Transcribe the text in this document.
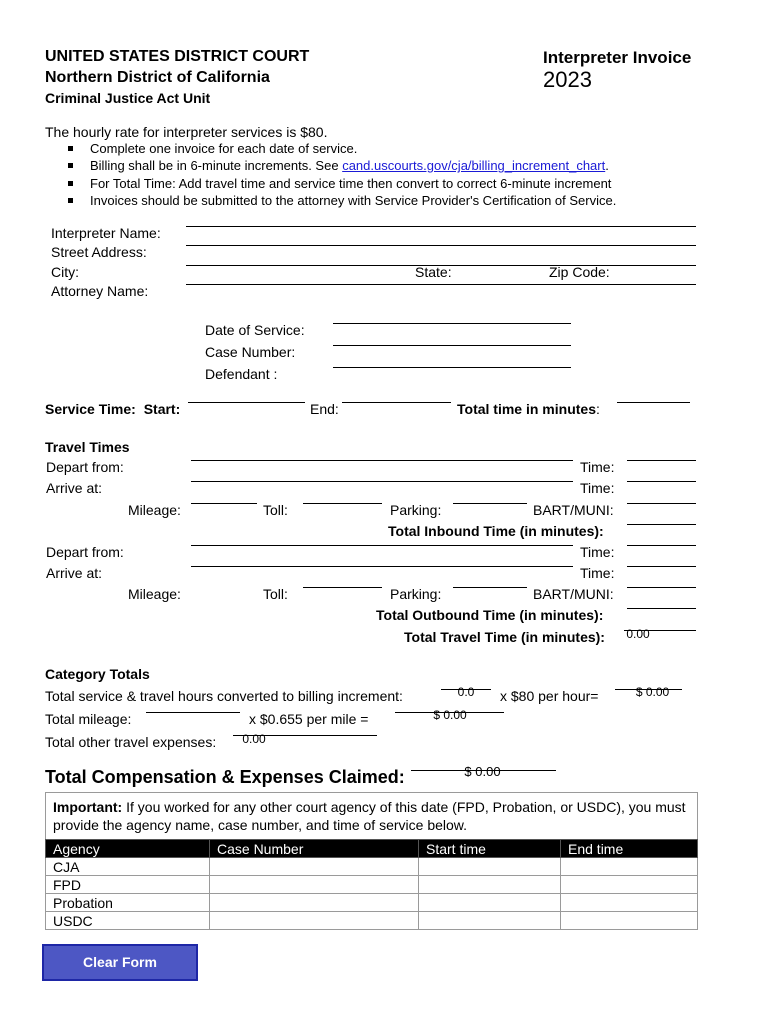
UNITED STATES DISTRICT COURT
Northern District of California
Criminal Justice Act Unit
Interpreter Invoice
2023
The hourly rate for interpreter services is $80.
Complete one invoice for each date of service.
Billing shall be in 6-minute increments. See cand.uscourts.gov/cja/billing_increment_chart.
For Total Time: Add travel time and service time then convert to correct 6-minute increment
Invoices should be submitted to the attorney with Service Provider's Certification of Service.
Interpreter Name:
Street Address:
City:	State:	Zip Code:
Attorney Name:
Date of Service:
Case Number:
Defendant :
Service Time: Start:	End:	Total time in minutes:
Travel Times
Depart from:	Time:
Arrive at:	Time:
Mileage:	Toll:	Parking:	BART/MUNI:
Total Inbound Time (in minutes):
Depart from:	Time:
Arrive at:	Time:
Mileage:	Toll:	Parking:	BART/MUNI:
Total Outbound Time (in minutes):
Total Travel Time (in minutes): 0.00
Category Totals
Total service & travel hours converted to billing increment:	0.0	x $80 per hour=	$ 0.00
Total mileage:	x $0.655 per mile =	$ 0.00
Total other travel expenses:	0.00
Total Compensation & Expenses Claimed:	$ 0.00
Important: If you worked for any other court agency of this date (FPD, Probation, or USDC), you must provide the agency name, case number, and time of service below.
Agency	Case Number	Start time	End time
CJA			
FPD			
Probation			
USDC			
Clear Form
